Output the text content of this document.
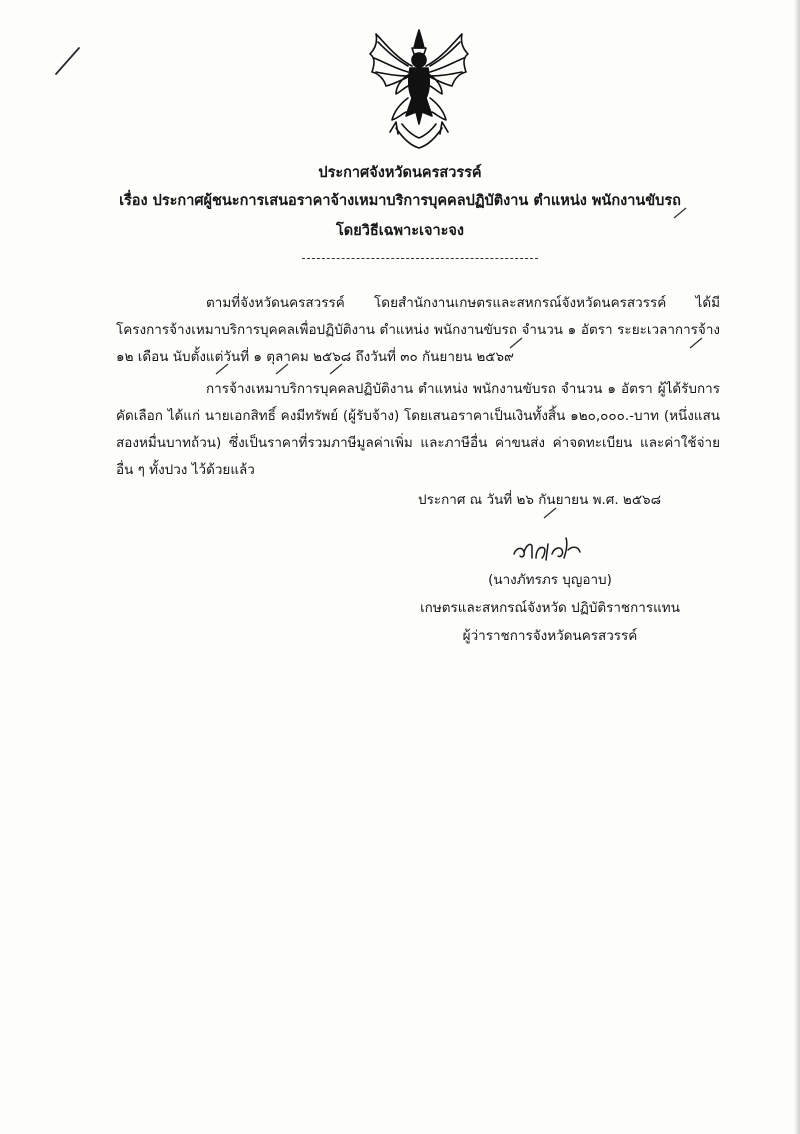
ประกาศจังหวัดนครสวรรค์
เรื่อง ประกาศผู้ชนะการเสนอราคาจ้างเหมาบริการบุคคลปฏิบัติงาน ตำแหน่ง พนักงานขับรถ
โดยวิธีเฉพาะเจาะจง
ตามที่จังหวัดนครสวรรค์ โดยสำนักงานเกษตรและสหกรณ์จังหวัดนครสวรรค์ ได้มีโครงการจ้างเหมาบริการบุคคลเพื่อปฏิบัติงาน ตำแหน่ง พนักงานขับรถ จำนวน ๑ อัตรา ระยะเวลาการจ้าง ๑๒ เดือน นับตั้งแต่วันที่ ๑ ตุลาคม ๒๕๖๘ ถึงวันที่ ๓๐ กันยายน ๒๕๖๙
การจ้างเหมาบริการบุคคลปฏิบัติงาน ตำแหน่ง พนักงานขับรถ จำนวน ๑ อัตรา ผู้ได้รับการคัดเลือก ได้แก่ นายเอกสิทธิ์ คงมีทรัพย์ (ผู้รับจ้าง) โดยเสนอราคาเป็นเงินทั้งสิ้น ๑๒๐,๐๐๐.-บาท (หนึ่งแสนสองหมื่นบาทถ้วน) ซึ่งเป็นราคาที่รวมภาษีมูลค่าเพิ่ม และภาษีอื่น ค่าขนส่ง ค่าจดทะเบียน และค่าใช้จ่ายอื่น ๆ ทั้งปวง ไว้ด้วยแล้ว
ประกาศ ณ วันที่ ๒๖ กันยายน พ.ศ. ๒๕๖๘
(นางภัทรภร บุญอาบ)
เกษตรและสหกรณ์จังหวัด ปฏิบัติราชการแทน
ผู้ว่าราชการจังหวัดนครสวรรค์
